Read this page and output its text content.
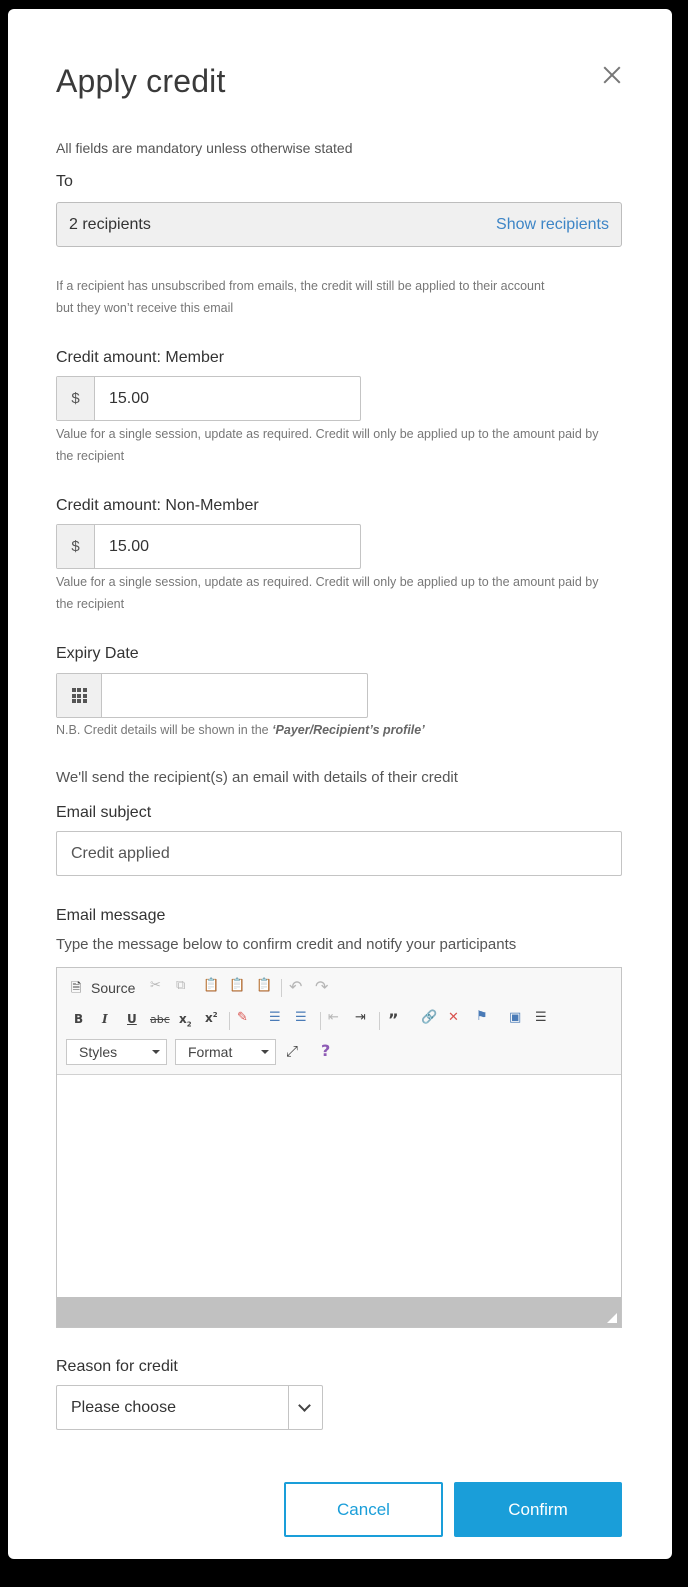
Apply credit
All fields are mandatory unless otherwise stated
To
2 recipients	Show recipients
If a recipient has unsubscribed from emails, the credit will still be applied to their account but they won’t receive this email
Credit amount: Member
$	15.00
Value for a single session, update as required. Credit will only be applied up to the amount paid by the recipient
Credit amount: Non-Member
$	15.00
Value for a single session, update as required. Credit will only be applied up to the amount paid by the recipient
Expiry Date
N.B. Credit details will be shown in the ‘Payer/Recipient’s profile’
We'll send the recipient(s) an email with details of their credit
Email subject
Credit applied
Email message
Type the message below to confirm credit and notify your participants
🗎 Source ✂ ⧉ 📋 📋 📋 ↶ ↷
B I U abc $x_2$ $x^2$ ✎ ☰ ☰ ⇤ ⇥ ” 🔗 ✕ ⚑ ▣ ☰
Styles	Format	⤢ ?
Reason for credit
Please choose
Cancel	Confirm
